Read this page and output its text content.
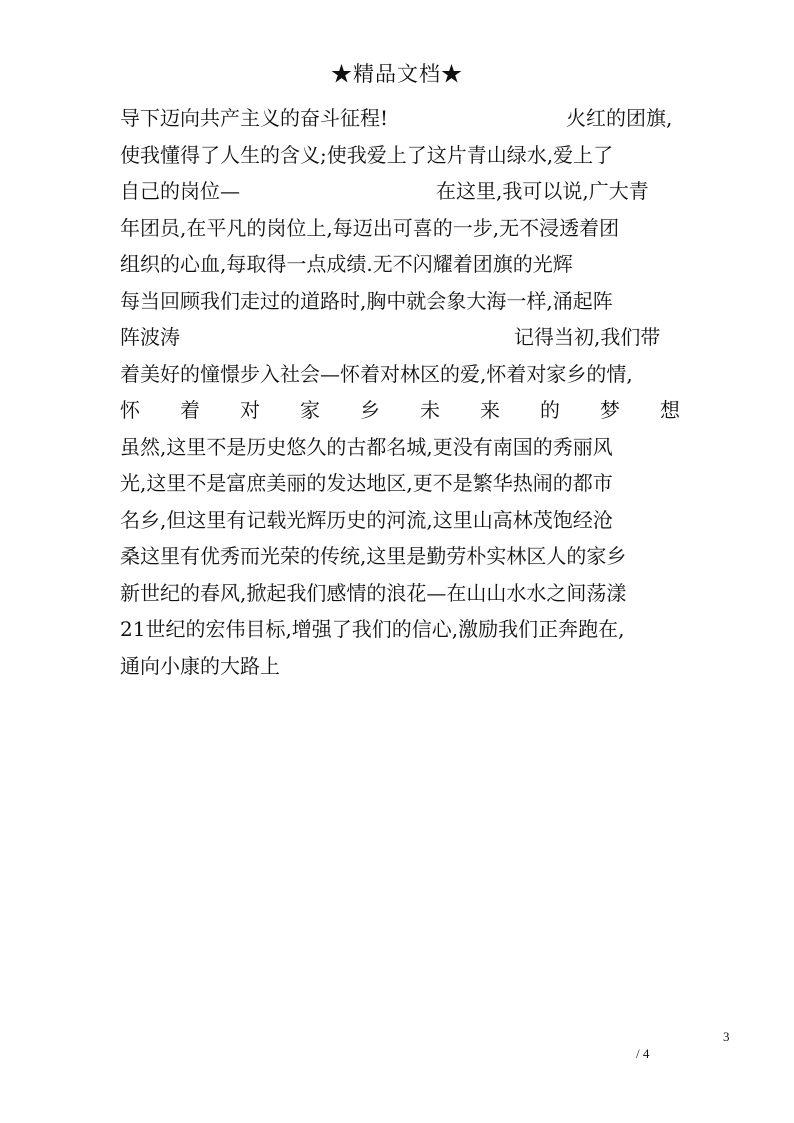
★精品文档★
导下迈向共产主义的奋斗征程!	火红的团旗,
使我懂得了人生的含义;使我爱上了这片青山绿水,爱上了
自己的岗位—	在这里,我可以说,广大青
年团员,在平凡的岗位上,每迈出可喜的一步,无不浸透着团
组织的心血,每取得一点成绩.无不闪耀着团旗的光辉
每当回顾我们走过的道路时,胸中就会象大海一样,涌起阵
阵波涛	记得当初,我们带
着美好的憧憬步入社会—怀着对林区的爱,怀着对家乡的情,
怀 着 对 家 乡 未 来 的 梦 想
虽然,这里不是历史悠久的古都名城,更没有南国的秀丽风
光,这里不是富庶美丽的发达地区,更不是繁华热闹的都市
名乡,但这里有记载光辉历史的河流,这里山高林茂饱经沧
桑这里有优秀而光荣的传统,这里是勤劳朴实林区人的家乡
新世纪的春风,掀起我们感情的浪花—在山山水水之间荡漾
21世纪的宏伟目标,增强了我们的信心,激励我们正奔跑在,
通向小康的大路上
3
/ 4
